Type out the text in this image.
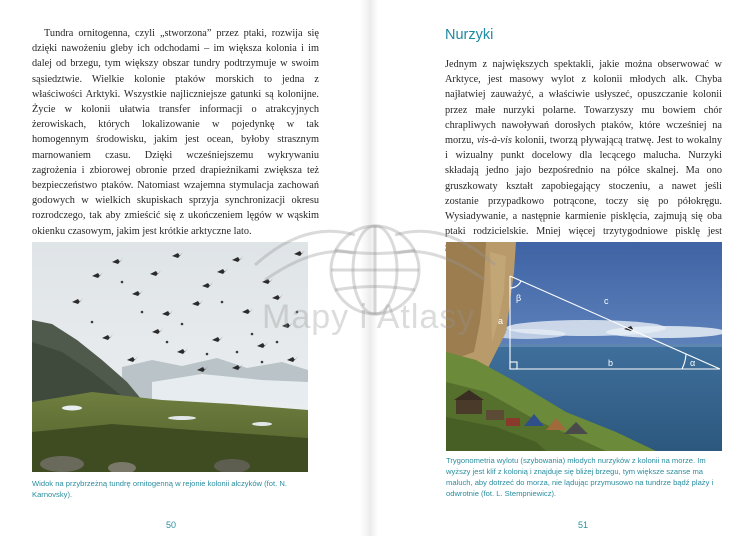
Tundra ornitogenna, czyli „stworzona” przez ptaki, rozwija się dzięki nawożeniu gleby ich odchodami – im większa kolonia i im dalej od brzegu, tym większy obszar tundry podtrzymuje w swoim sąsiedztwie. Wielkie kolonie ptaków morskich to jedna z właściwości Arktyki. Wszystkie najliczniejsze gatunki są kolonijne. Życie w kolonii ułatwia transfer informacji o atrakcyjnych żerowiskach, których lokalizowanie w pojedynkę w tak homogennym środowisku, jakim jest ocean, byłoby strasznym marnowaniem czasu. Dzięki wcześniejszemu wykrywaniu zagrożenia i zbiorowej obronie przed drapieżnikami zwiększa też bezpieczeństwo ptaków. Natomiast wzajemna stymulacja zachowań godowych w wielkich skupiskach sprzyja synchronizacji okresu rozrodczego, tak aby zmieścić się z ukończeniem lęgów w wąskim okienku czasowym, jakim jest krótkie arktyczne lato.

Widok na przybrzeżną tundrę ornitogenną w rejonie kolonii alczyków (fot. N. Karnovsky).

50
Nurzyki

Jednym z największych spektakli, jakie można obserwować w Arktyce, jest masowy wylot z kolonii młodych alk. Chyba najłatwiej zauważyć, a właściwie usłyszeć, opuszczanie kolonii przez małe nurzyki polarne. Towarzyszy mu bowiem chór chrapliwych nawoływań dorosłych ptaków, które wcześniej na morzu, vis-à-vis kolonii, tworzą pływającą tratwę. Jest to wokalny i wizualny punkt docelowy dla lecącego malucha. Nurzyki składają jedno jajo bezpośrednio na półce skalnej. Ma ono gruszkowaty kształt zapobiegający stoczeniu, a nawet jeśli zostanie przypadkowo potrącone, toczy się po półokręgu. Wysiadywanie, a następnie karmienie pisklęcia, zajmują się oba ptaki rodzicielskie. Mniej więcej trzytygodniowe pisklę jest

β
a
c
b	α

Trygonometria wylotu (szybowania) młodych nurzyków z kolonii na morze. Im wyższy jest klif z kolonią i znajduje się bliżej brzegu, tym większe szanse ma maluch, aby dotrzeć do morza, nie lądując przymusowo na tundrze bądź plaży i odwrotnie (fot. L. Stempniewicz).

51
Mapy i Atlasy
